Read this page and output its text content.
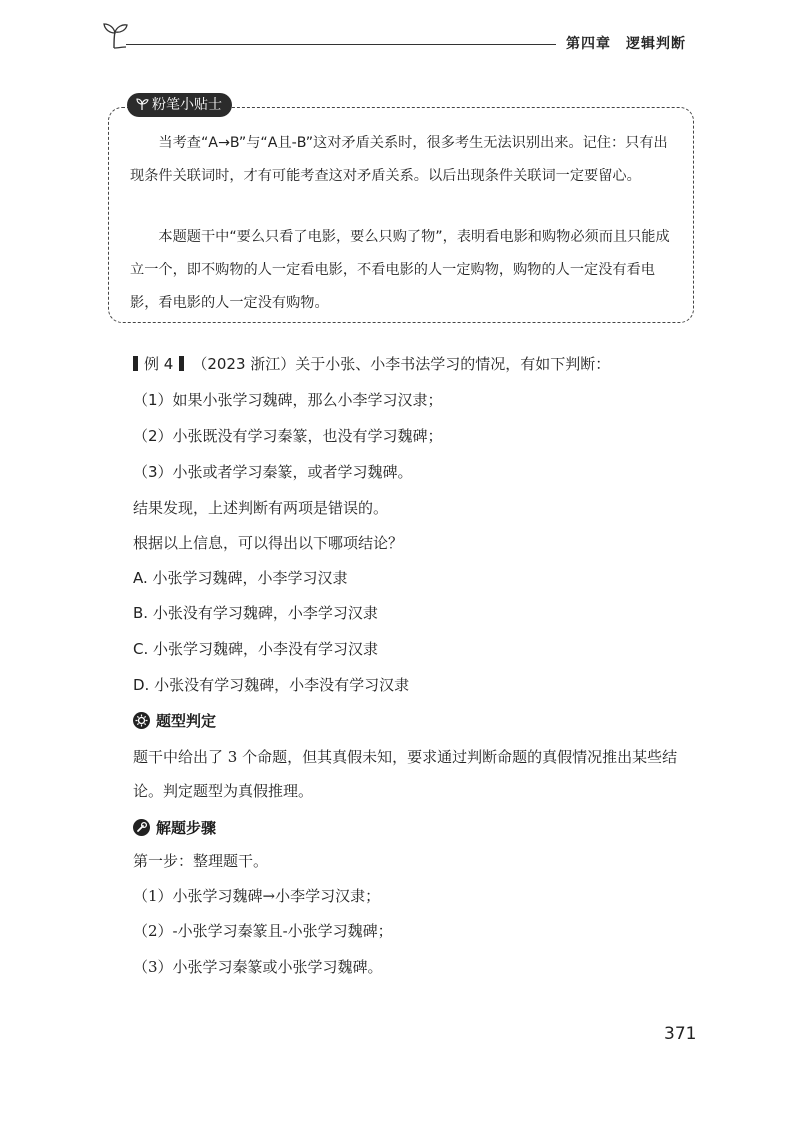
第四章　逻辑判断
粉笔小贴士
当考查“A→B”与“A且-B”这对矛盾关系时，很多考生无法识别出来。记住：只有出现条件关联词时，才有可能考查这对矛盾关系。以后出现条件关联词一定要留心。
本题题干中“要么只看了电影，要么只购了物”，表明看电影和购物必须而且只能成立一个，即不购物的人一定看电影，不看电影的人一定购物，购物的人一定没有看电影，看电影的人一定没有购物。
例 4 （2023 浙江）关于小张、小李书法学习的情况，有如下判断：
（1）如果小张学习魏碑，那么小李学习汉隶；
（2）小张既没有学习秦篆，也没有学习魏碑；
（3）小张或者学习秦篆，或者学习魏碑。
结果发现，上述判断有两项是错误的。
根据以上信息，可以得出以下哪项结论？
A. 小张学习魏碑，小李学习汉隶
B. 小张没有学习魏碑，小李学习汉隶
C. 小张学习魏碑，小李没有学习汉隶
D. 小张没有学习魏碑，小李没有学习汉隶
题型判定
题干中给出了 3 个命题，但其真假未知，要求通过判断命题的真假情况推出某些结论。判定题型为真假推理。
解题步骤
第一步：整理题干。
（1）小张学习魏碑→小李学习汉隶；
（2）-小张学习秦篆且-小张学习魏碑；
（3）小张学习秦篆或小张学习魏碑。
371
